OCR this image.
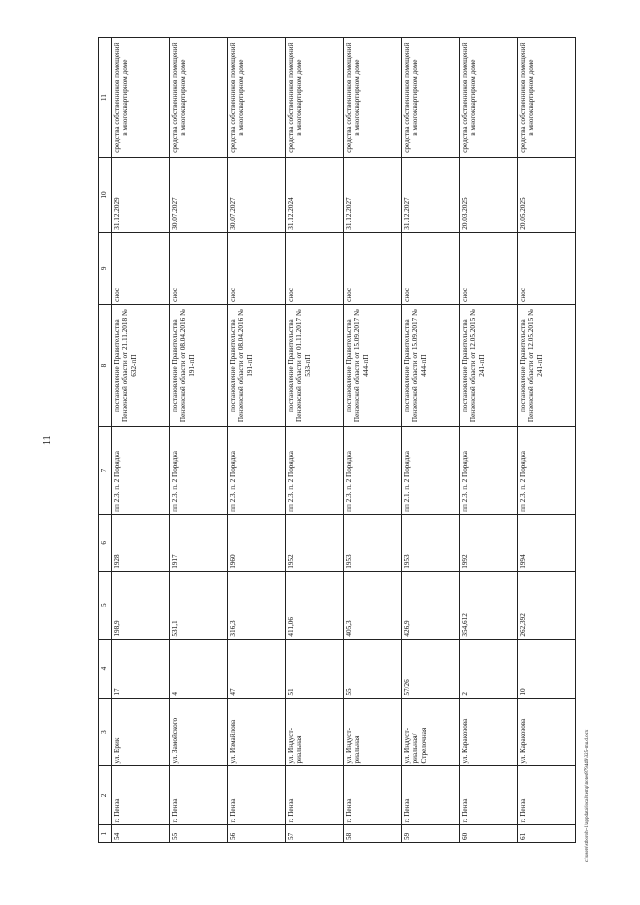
11
1	2	3	4	5	6	7	8	9	10	11
54	г. Пенза	ул. Ерик	17	198,9	1928	пп 2.3. п. 2 Порядка	постановление Правительства Пензенской области от 21.11.2018 № 632-пП	снос	31.12.2029	средства собственников помещений в многоквартирном доме
55	г. Пенза	ул. Замойского	4	531,1	1917	пп 2.3. п. 2 Порядка	постановление Правительства Пензенской области от 08.04.2016 № 191-пП	снос	30.07.2027	средства собственников помещений в многоквартирном доме
56	г. Пенза	ул. Измайлова	47	316,3	1960	пп 2.3. п. 2 Порядка	постановление Правительства Пензенской области от 08.04.2016 № 191-пП	снос	30.07.2027	средства собственников помещений в многоквартирном доме
57	г. Пенза	ул. Индуст- риальная	51	411,06	1952	пп 2.3. п. 2 Порядка	постановление Правительства Пензенской области от 01.11.2017 № 533-пП	снос	31.12.2024	средства собственников помещений в многоквартирном доме
58	г. Пенза	ул. Индуст- риальная	55	405,3	1953	пп 2.3. п. 2 Порядка	постановление Правительства Пензенской области от 15.09.2017 № 444-пП	снос	31.12.2027	средства собственников помещений в многоквартирном доме
59	г. Пенза	ул. Индуст- риальная/ Стрелочная	57/26	426,9	1953	пп 2.1. п. 2 Порядка	постановление Правительства Пензенской области от 15.09.2017 № 444-пП	снос	31.12.2027	средства собственников помещений в многоквартирном доме
60	г. Пенза	ул. Каракозова	2	354,612	1992	пп 2.3. п. 2 Порядка	постановление Правительства Пензенской области от 12.05.2015 № 241-пП	снос	20.03.2025	средства собственников помещений в многоквартирном доме
61	г. Пенза	ул. Каракозова	10	262,392	1994	пп 2.3. п. 2 Порядка	постановление Правительства Пензенской области от 12.05.2015 № 241-пП	снос	20.05.2025	средства собственников помещений в многоквартирном доме
c:\users\stboroh~1\appdata\local\temp\notes879449\325-mu.d.ocx
